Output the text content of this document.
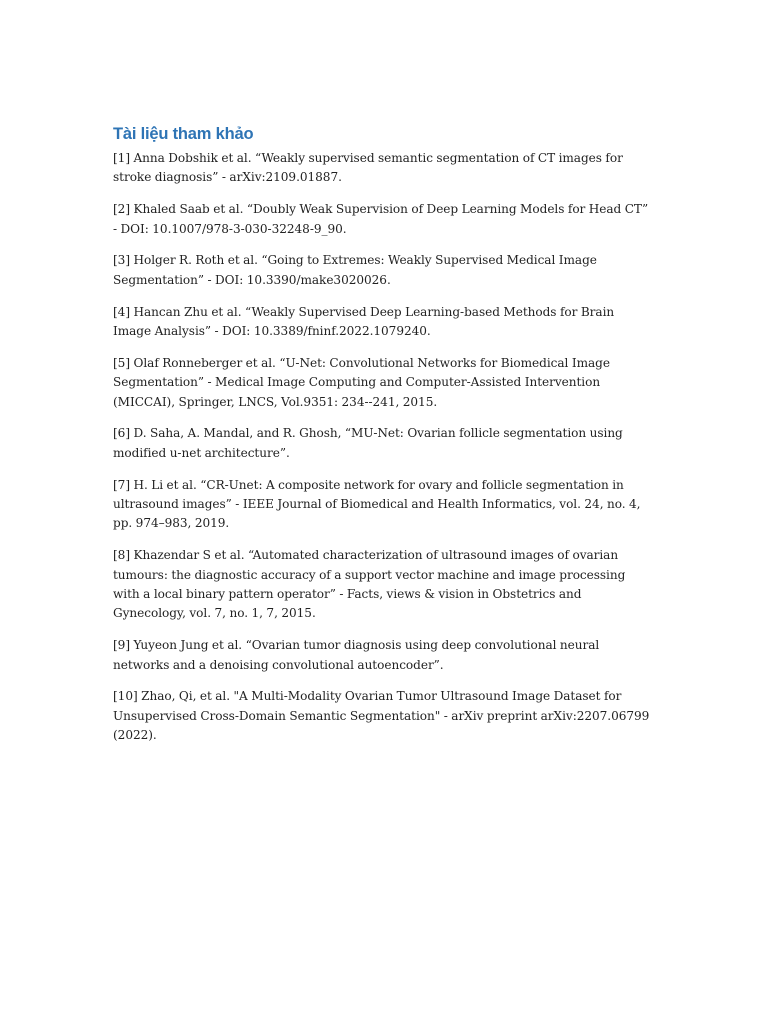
Tài liệu tham khảo
[1] Anna Dobshik et al. “Weakly supervised semantic segmentation of CT images for stroke diagnosis” - arXiv:2109.01887.
[2] Khaled Saab et al. “Doubly Weak Supervision of Deep Learning Models for Head CT” - DOI: 10.1007/978-3-030-32248-9_90.
[3] Holger R. Roth et al. “Going to Extremes: Weakly Supervised Medical Image Segmentation” - DOI: 10.3390/make3020026.
[4] Hancan Zhu et al. “Weakly Supervised Deep Learning-based Methods for Brain Image Analysis” - DOI: 10.3389/fninf.2022.1079240.
[5] Olaf Ronneberger et al. “U-Net: Convolutional Networks for Biomedical Image Segmentation” - Medical Image Computing and Computer-Assisted Intervention (MICCAI), Springer, LNCS, Vol.9351: 234--241, 2015.
[6] D. Saha, A. Mandal, and R. Ghosh, “MU-Net: Ovarian follicle segmentation using modified u-net architecture”.
[7] H. Li et al. “CR-Unet: A composite network for ovary and follicle segmentation in ultrasound images” - IEEE Journal of Biomedical and Health Informatics, vol. 24, no. 4, pp. 974–983, 2019.
[8] Khazendar S et al. “Automated characterization of ultrasound images of ovarian tumours: the diagnostic accuracy of a support vector machine and image processing with a local binary pattern operator” - Facts, views & vision in Obstetrics and Gynecology, vol. 7, no. 1, 7, 2015.
[9] Yuyeon Jung et al. “Ovarian tumor diagnosis using deep convolutional neural networks and a denoising convolutional autoencoder”.
[10] Zhao, Qi, et al. "A Multi-Modality Ovarian Tumor Ultrasound Image Dataset for Unsupervised Cross-Domain Semantic Segmentation" - arXiv preprint arXiv:2207.06799 (2022).
